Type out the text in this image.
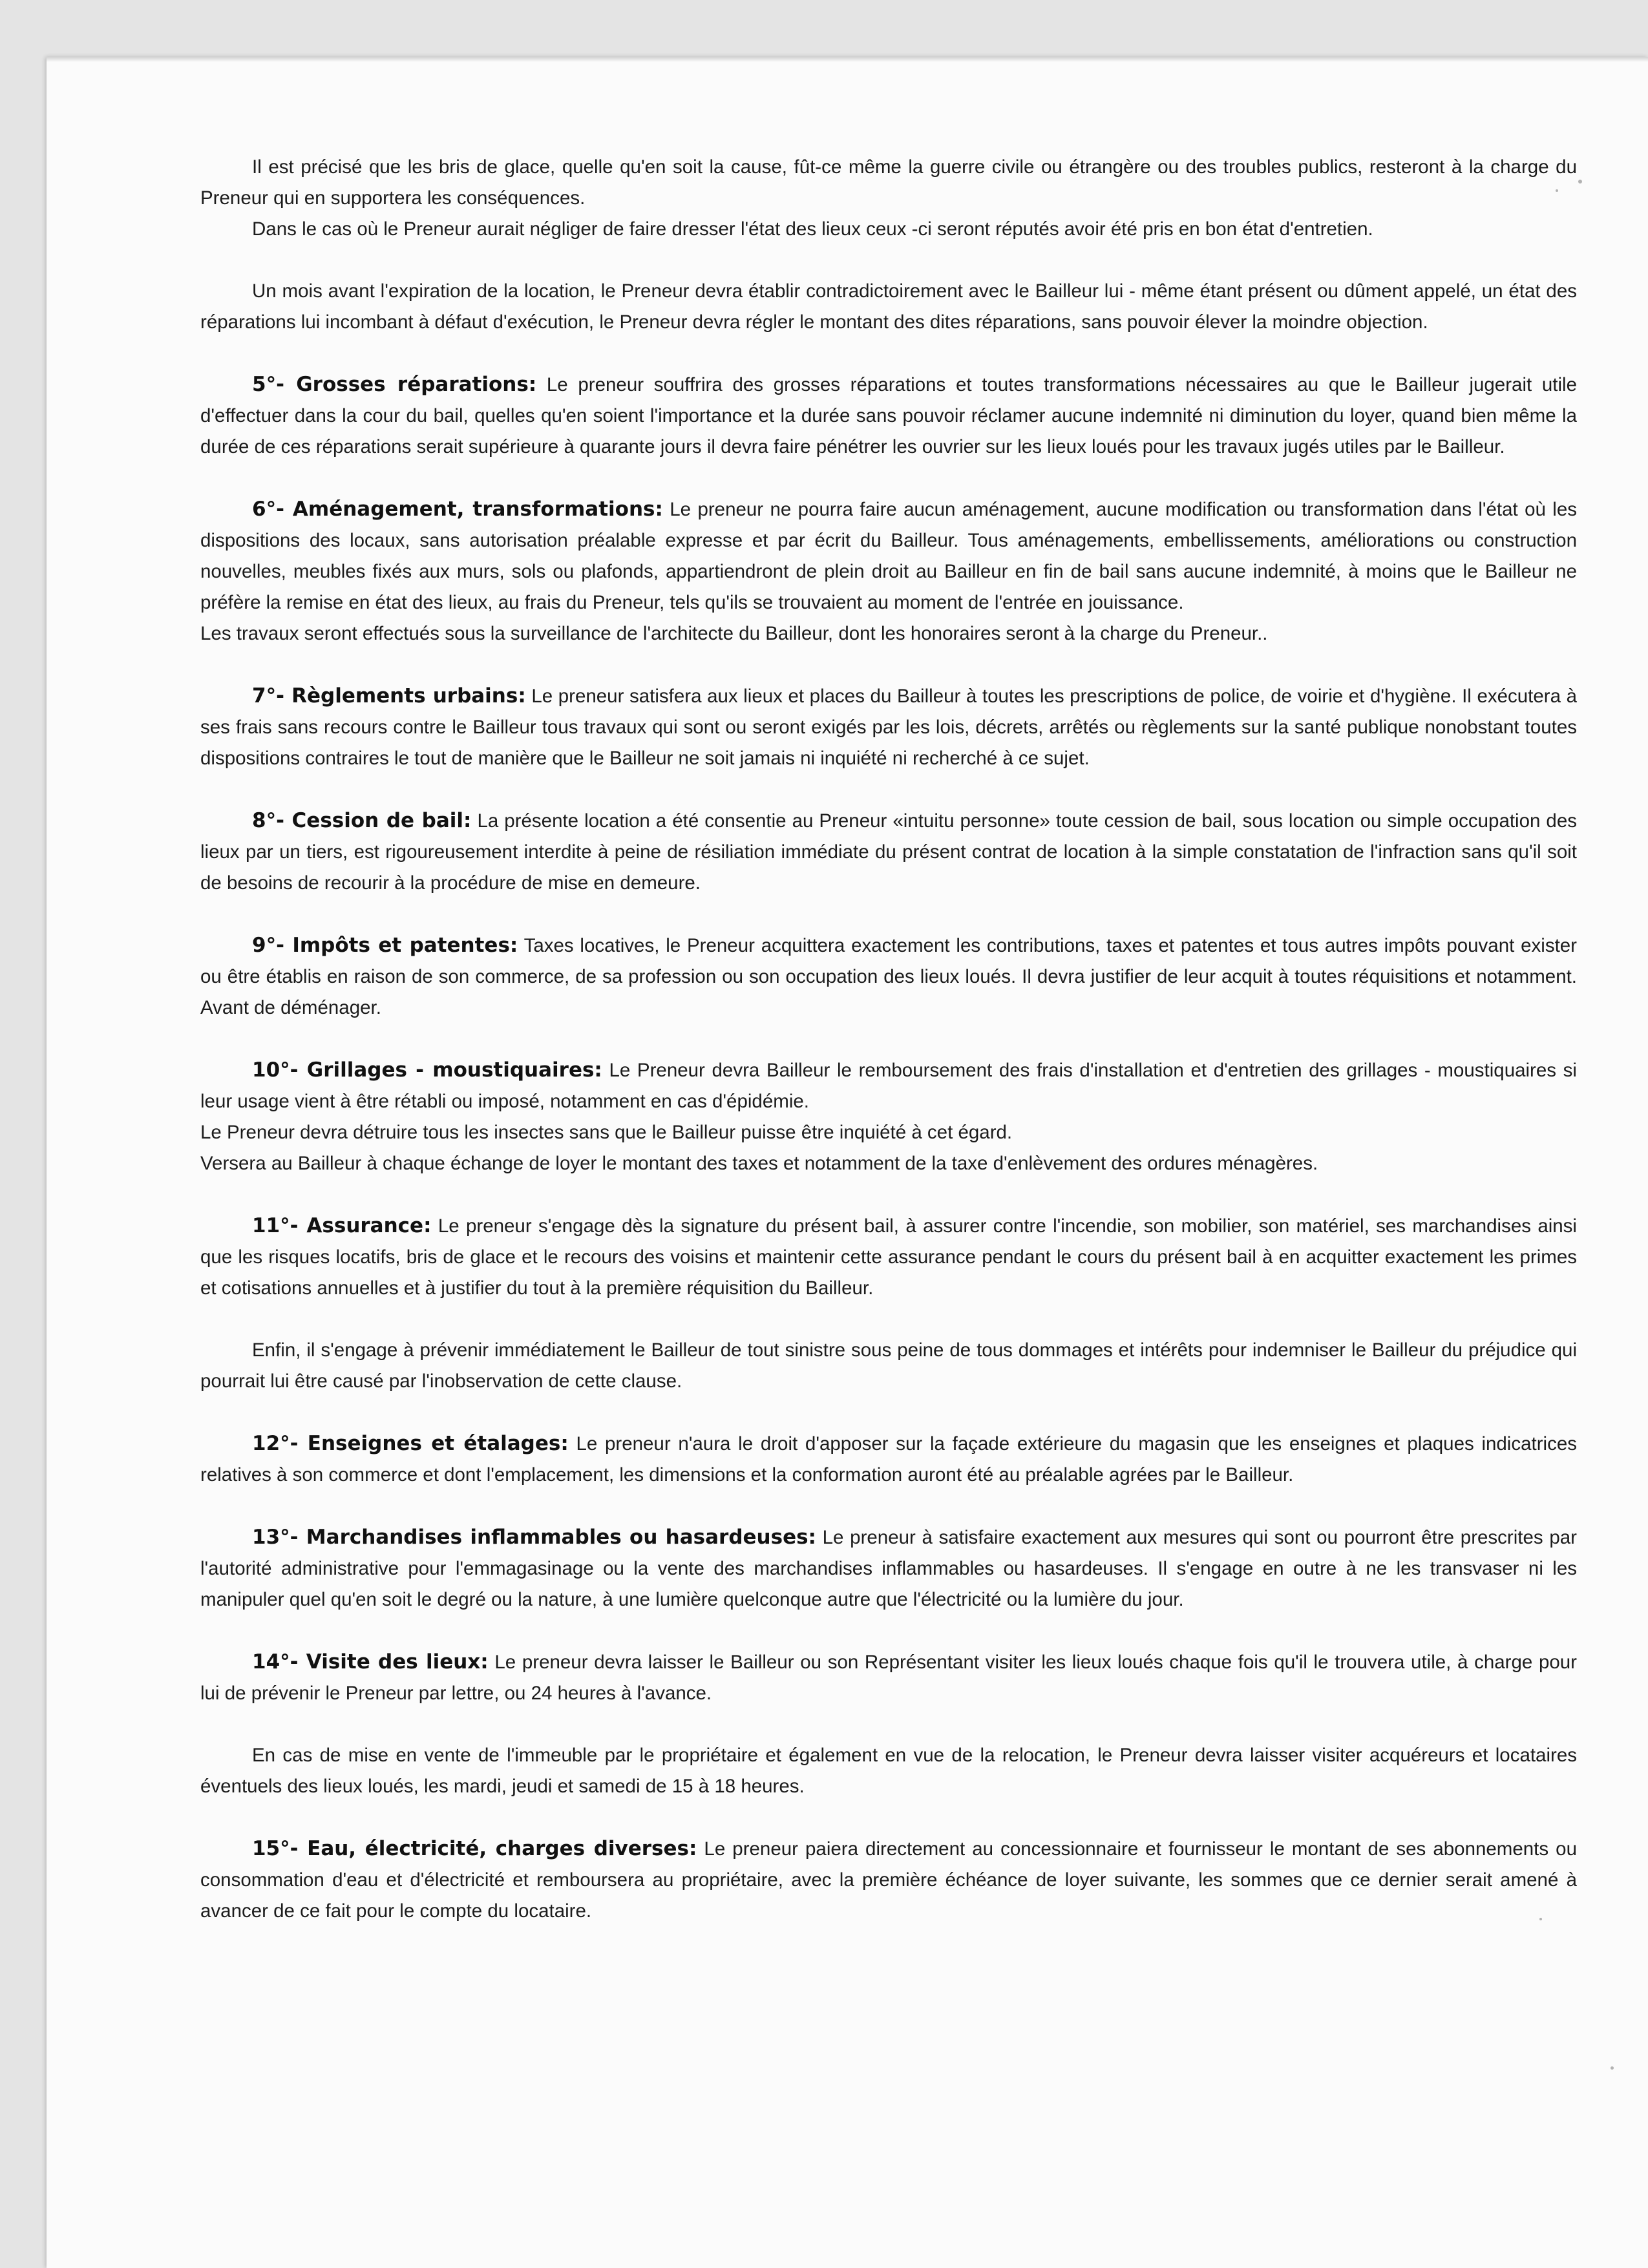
Il est précisé que les bris de glace, quelle qu'en soit la cause, fût-ce même la guerre civile ou étrangère ou des troubles publics, resteront à la charge du Preneur qui en supportera les conséquences.

Dans le cas où le Preneur aurait négliger de faire dresser l'état des lieux ceux -ci seront réputés avoir été pris en bon état d'entretien.

Un mois avant l'expiration de la location, le Preneur devra établir contradictoirement avec le Bailleur lui - même étant présent ou dûment appelé, un état des réparations lui incombant à défaut d'exécution, le Preneur devra régler le montant des dites réparations, sans pouvoir élever la moindre objection.

5°- Grosses réparations: Le preneur souffrira des grosses réparations et toutes transformations nécessaires au que le Bailleur jugerait utile d'effectuer dans la cour du bail, quelles qu'en soient l'importance et la durée sans pouvoir réclamer aucune indemnité ni diminution du loyer, quand bien même la durée de ces réparations serait supérieure à quarante jours il devra faire pénétrer les ouvrier sur les lieux loués pour les travaux jugés utiles par le Bailleur.

6°- Aménagement, transformations: Le preneur ne pourra faire aucun aménagement, aucune modification ou transformation dans l'état où les dispositions des locaux, sans autorisation préalable expresse et par écrit du Bailleur. Tous aménagements, embellissements, améliorations ou construction nouvelles, meubles fixés aux murs, sols ou plafonds, appartiendront de plein droit au Bailleur en fin de bail sans aucune indemnité, à moins que le Bailleur ne préfère la remise en état des lieux, au frais du Preneur, tels qu'ils se trouvaient au moment de l'entrée en jouissance.

Les travaux seront effectués sous la surveillance de l'architecte du Bailleur, dont les honoraires seront à la charge du Preneur..

7°- Règlements urbains: Le preneur satisfera aux lieux et places du Bailleur à toutes les prescriptions de police, de voirie et d'hygiène. Il exécutera à ses frais sans recours contre le Bailleur tous travaux qui sont ou seront exigés par les lois, décrets, arrêtés ou règlements sur la santé publique nonobstant toutes dispositions contraires le tout de manière que le Bailleur ne soit jamais ni inquiété ni recherché à ce sujet.

8°- Cession de bail: La présente location a été consentie au Preneur «intuitu personne» toute cession de bail, sous location ou simple occupation des lieux par un tiers, est rigoureusement interdite à peine de résiliation immédiate du présent contrat de location à la simple constatation de l'infraction sans qu'il soit de besoins de recourir à la procédure de mise en demeure.

9°- Impôts et patentes: Taxes locatives, le Preneur acquittera exactement les contributions, taxes et patentes et tous autres impôts pouvant exister ou être établis en raison de son commerce, de sa profession ou son occupation des lieux loués. Il devra justifier de leur acquit à toutes réquisitions et notamment. Avant de déménager.

10°- Grillages - moustiquaires: Le Preneur devra Bailleur le remboursement des frais d'installation et d'entretien des grillages - moustiquaires si leur usage vient à être rétabli ou imposé, notamment en cas d'épidémie.

Le Preneur devra détruire tous les insectes sans que le Bailleur puisse être inquiété à cet égard.

Versera au Bailleur à chaque échange de loyer le montant des taxes et notamment de la taxe d'enlèvement des ordures ménagères.

11°- Assurance: Le preneur s'engage dès la signature du présent bail, à assurer contre l'incendie, son mobilier, son matériel, ses marchandises ainsi que les risques locatifs, bris de glace et le recours des voisins et maintenir cette assurance pendant le cours du présent bail à en acquitter exactement les primes et cotisations annuelles et à justifier du tout à la première réquisition du Bailleur.

Enfin, il s'engage à prévenir immédiatement le Bailleur de tout sinistre sous peine de tous dommages et intérêts pour indemniser le Bailleur du préjudice qui pourrait lui être causé par l'inobservation de cette clause.

12°- Enseignes et étalages: Le preneur n'aura le droit d'apposer sur la façade extérieure du magasin que les enseignes et plaques indicatrices relatives à son commerce et dont l'emplacement, les dimensions et la conformation auront été au préalable agrées par le Bailleur.

13°- Marchandises inflammables ou hasardeuses: Le preneur à satisfaire exactement aux mesures qui sont ou pourront être prescrites par l'autorité administrative pour l'emmagasinage ou la vente des marchandises inflammables ou hasardeuses. Il s'engage en outre à ne les transvaser ni les manipuler quel qu'en soit le degré ou la nature, à une lumière quelconque autre que l'électricité ou la lumière du jour.

14°- Visite des lieux: Le preneur devra laisser le Bailleur ou son Représentant visiter les lieux loués chaque fois qu'il le trouvera utile, à charge pour lui de prévenir le Preneur par lettre, ou 24 heures à l'avance.

En cas de mise en vente de l'immeuble par le propriétaire et également en vue de la relocation, le Preneur devra laisser visiter acquéreurs et locataires éventuels des lieux loués, les mardi, jeudi et samedi de 15 à 18 heures.

15°- Eau, électricité, charges diverses: Le preneur paiera directement au concessionnaire et fournisseur le montant de ses abonnements ou consommation d'eau et d'électricité et remboursera au propriétaire, avec la première échéance de loyer suivante, les sommes que ce dernier serait amené à avancer de ce fait pour le compte du locataire.
